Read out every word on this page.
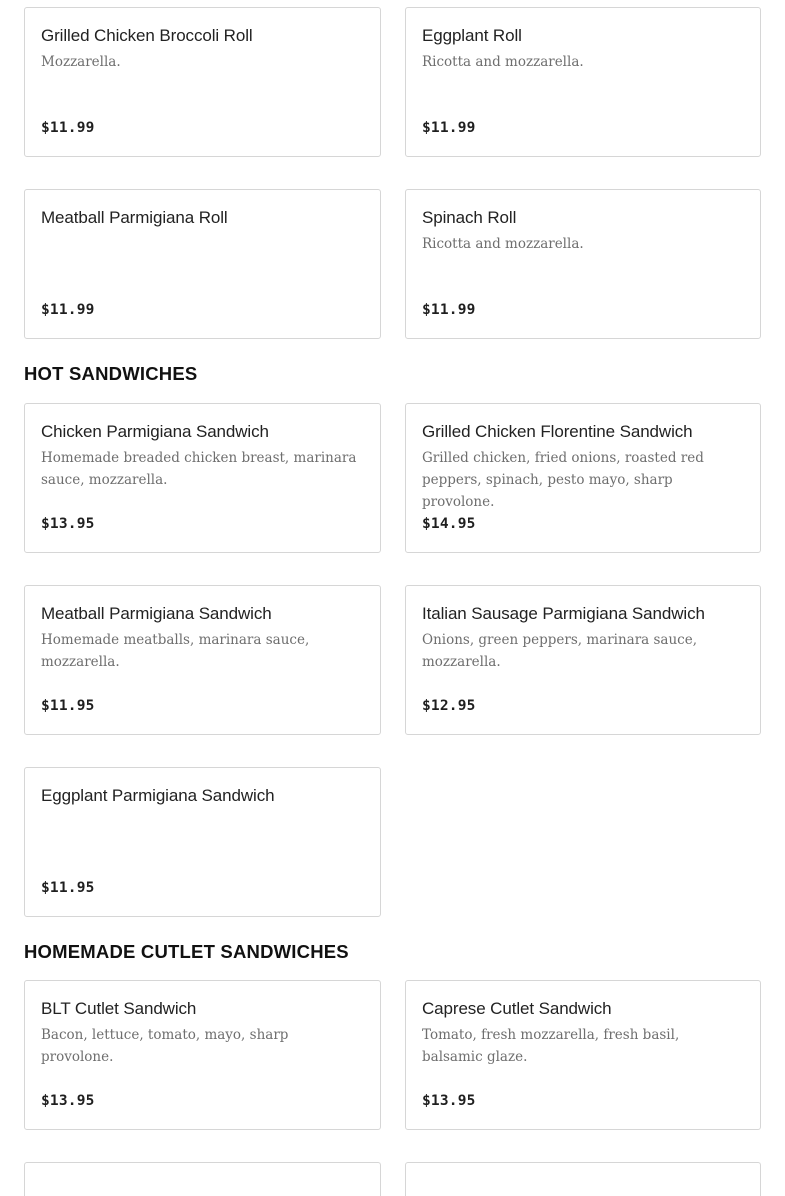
Grilled Chicken Broccoli Roll
Mozzarella.
$11.99
Eggplant Roll
Ricotta and mozzarella.
$11.99
Meatball Parmigiana Roll
$11.99
Spinach Roll
Ricotta and mozzarella.
$11.99
HOT SANDWICHES
Chicken Parmigiana Sandwich
Homemade breaded chicken breast, marinara sauce, mozzarella.
$13.95
Grilled Chicken Florentine Sandwich
Grilled chicken, fried onions, roasted red peppers, spinach, pesto mayo, sharp provolone.
$14.95
Meatball Parmigiana Sandwich
Homemade meatballs, marinara sauce, mozzarella.
$11.95
Italian Sausage Parmigiana Sandwich
Onions, green peppers, marinara sauce, mozzarella.
$12.95
Eggplant Parmigiana Sandwich
$11.95
HOMEMADE CUTLET SANDWICHES
BLT Cutlet Sandwich
Bacon, lettuce, tomato, mayo, sharp provolone.
$13.95
Caprese Cutlet Sandwich
Tomato, fresh mozzarella, fresh basil, balsamic glaze.
$13.95
